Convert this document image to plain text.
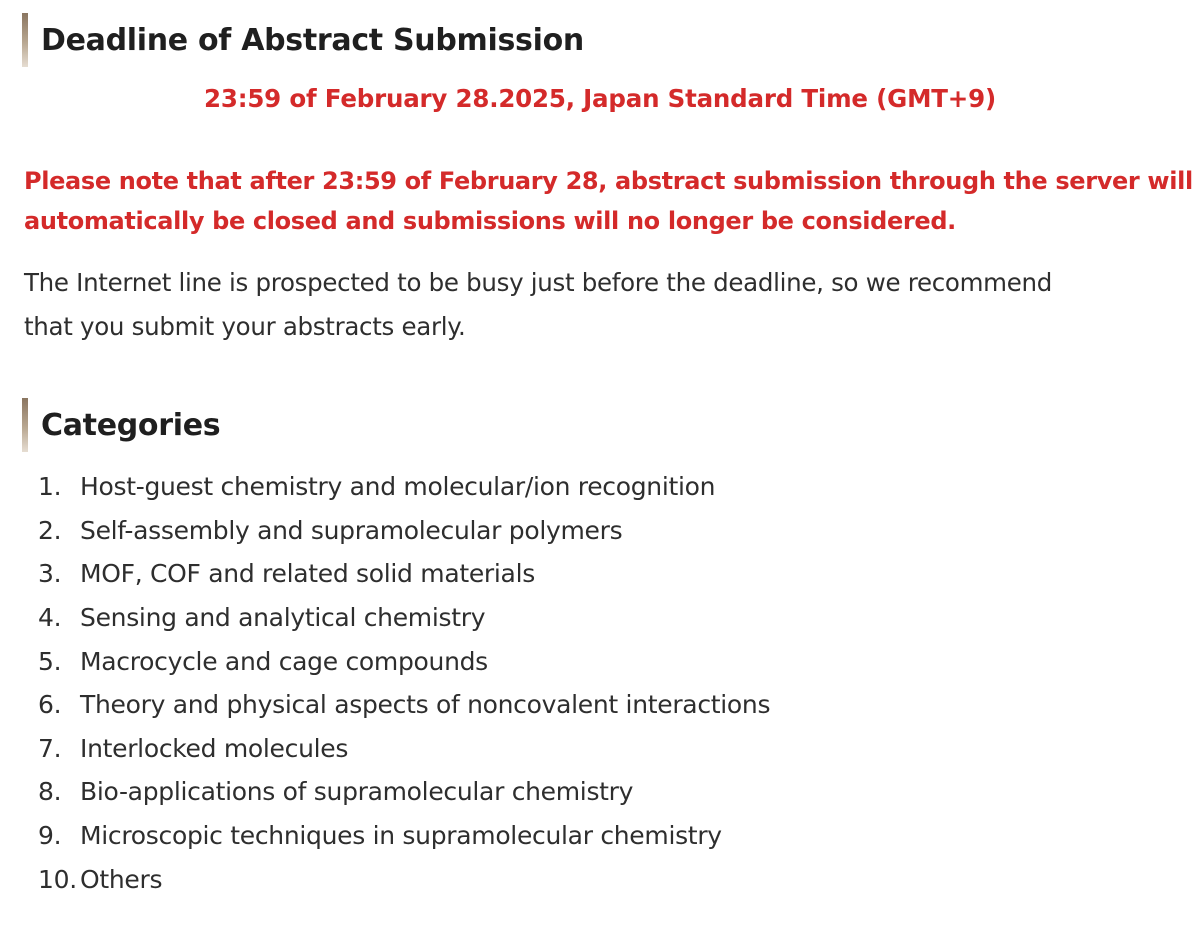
Deadline of Abstract Submission
23:59 of February 28.2025, Japan Standard Time (GMT+9)
Please note that after 23:59 of February 28, abstract submission through the server will
automatically be closed and submissions will no longer be considered.
The Internet line is prospected to be busy just before the deadline, so we recommend
that you submit your abstracts early.
Categories
1. Host-guest chemistry and molecular/ion recognition
2. Self-assembly and supramolecular polymers
3. MOF, COF and related solid materials
4. Sensing and analytical chemistry
5. Macrocycle and cage compounds
6. Theory and physical aspects of noncovalent interactions
7. Interlocked molecules
8. Bio-applications of supramolecular chemistry
9. Microscopic techniques in supramolecular chemistry
10. Others
